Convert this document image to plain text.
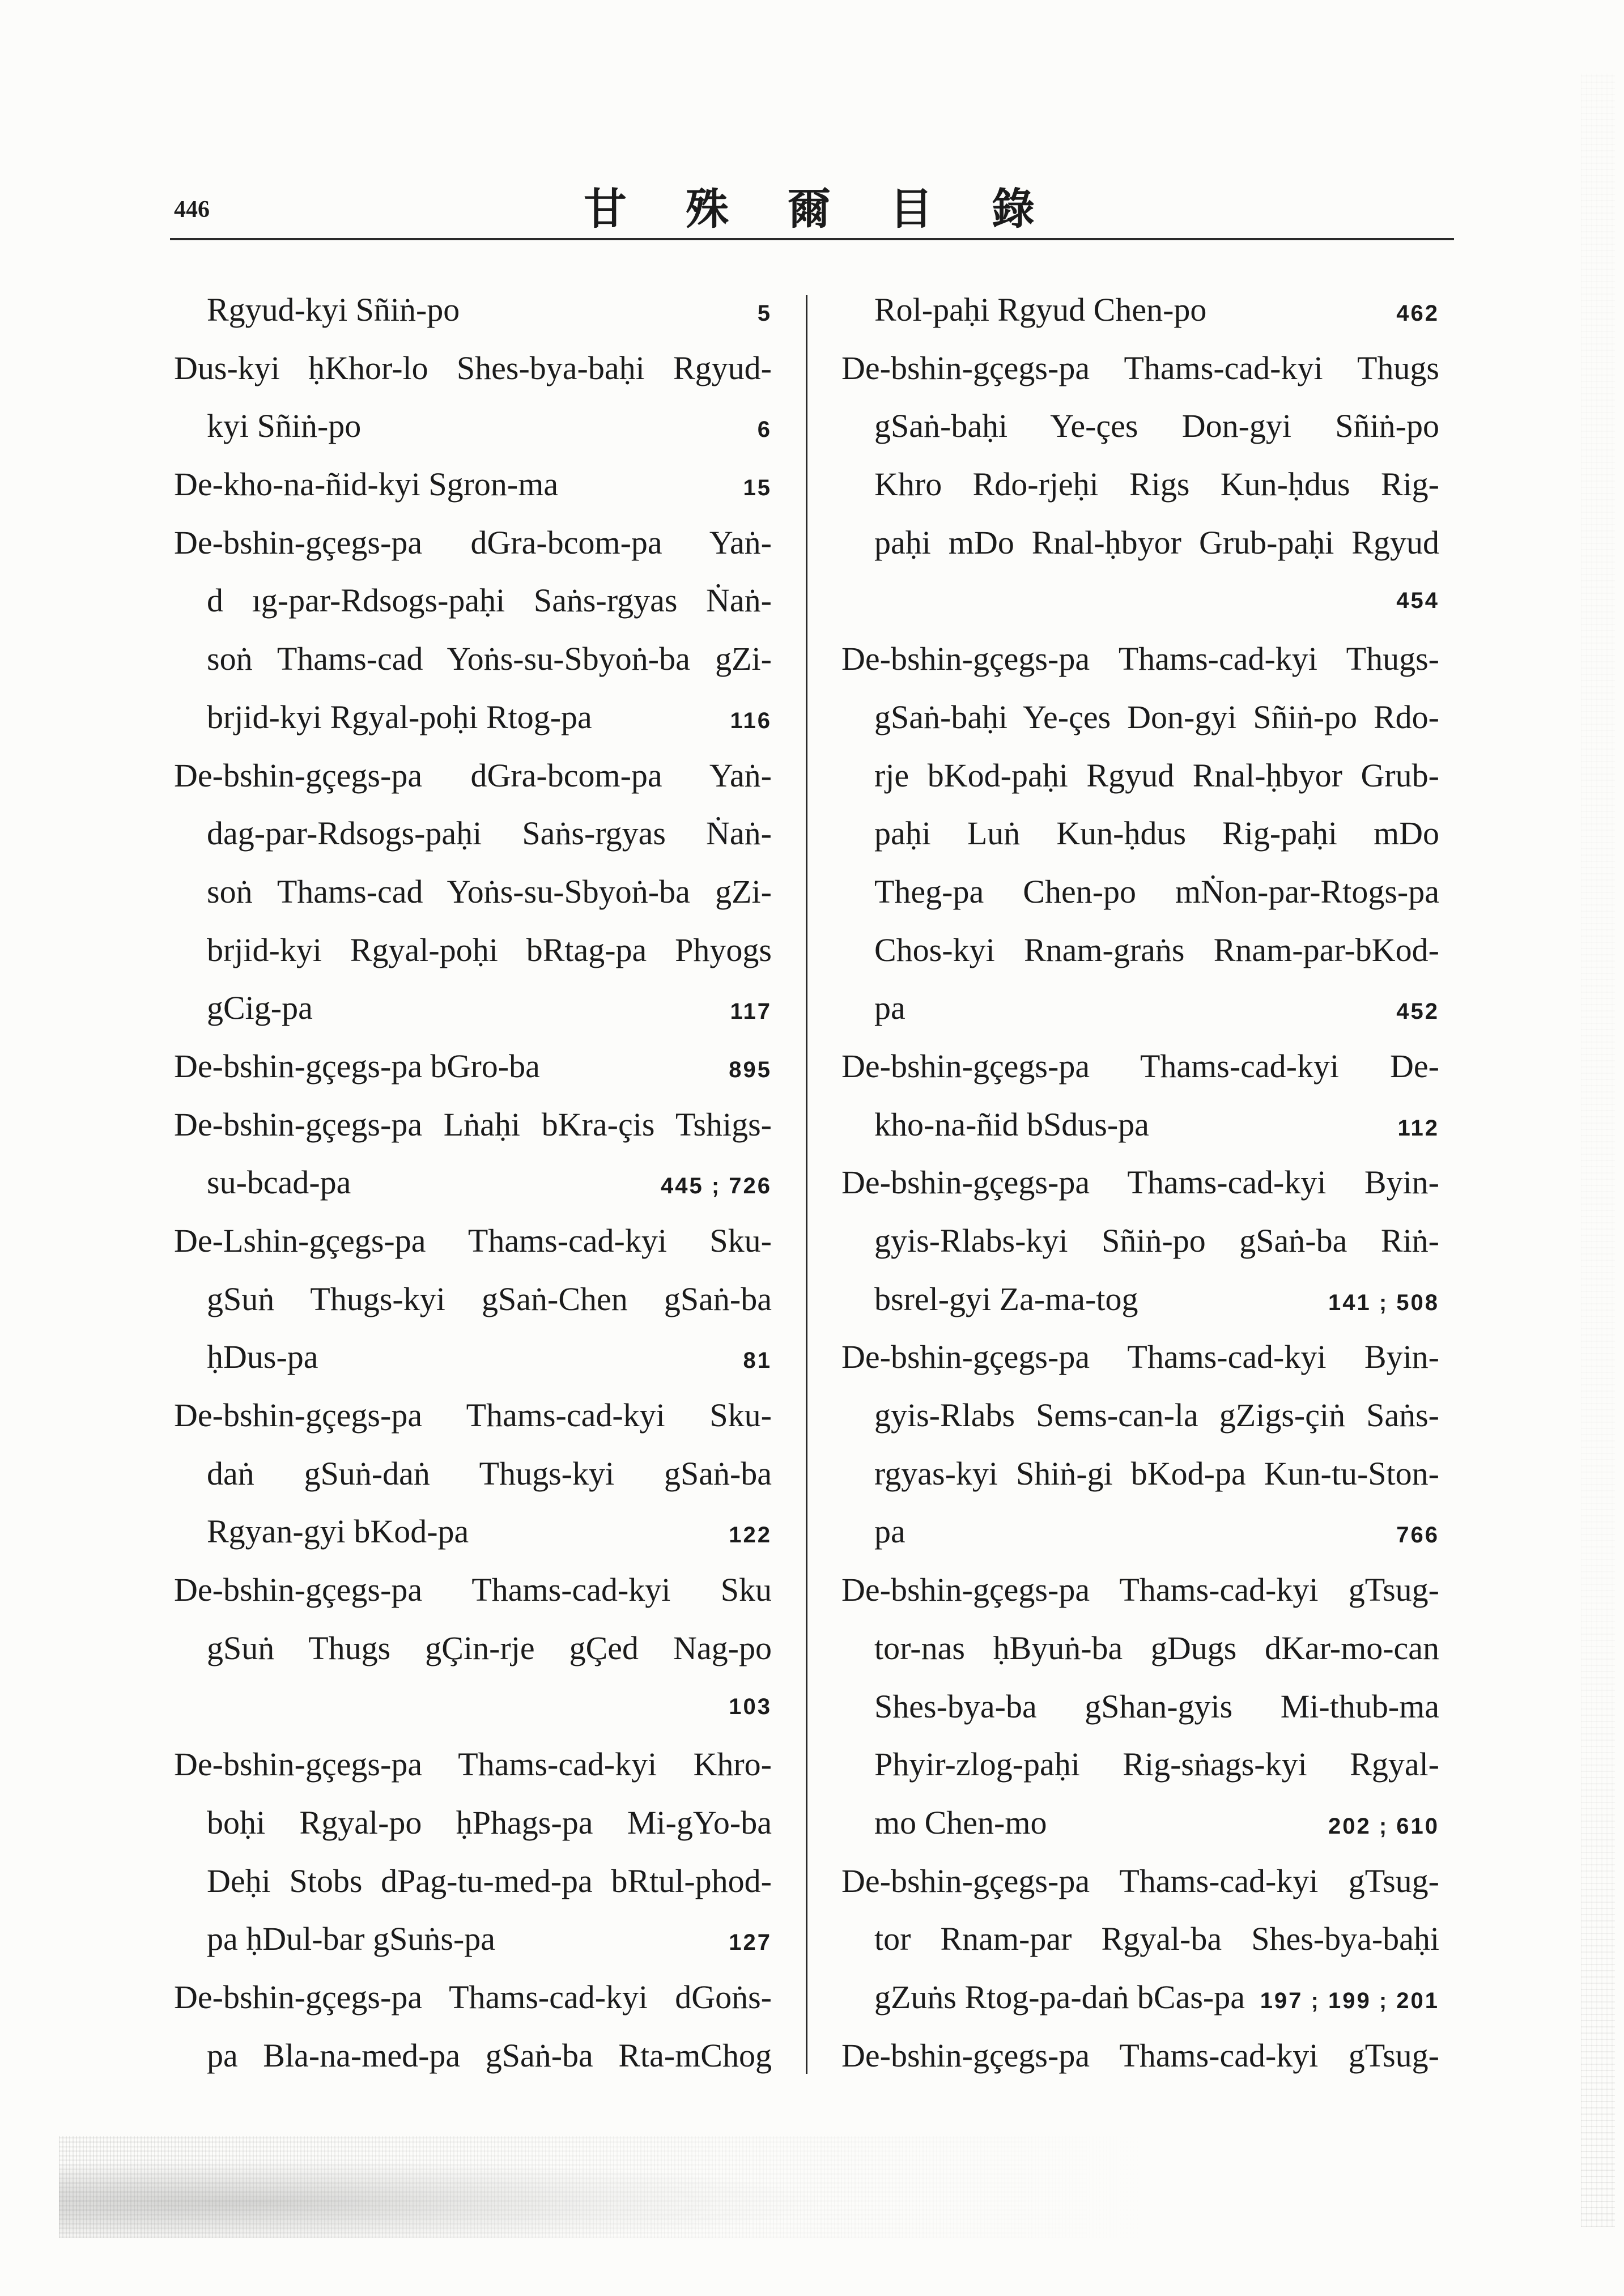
446	甘殊爾目錄
Rgyud-kyi Sñiṅ-po	5
Dus-kyi ḥKhor-lo Shes-bya-baḥi Rgyud-
kyi Sñiṅ-po	6
De-kho-na-ñid-kyi Sgron-ma	15
De-bshin-gçegs-pa dGra-bcom-pa Yaṅ-
d ıg-par-Rdsogs-paḥi Saṅs-rgyas Ṅaṅ-
soṅ Thams-cad Yoṅs-su-Sbyoṅ-ba gZi-
brjid-kyi Rgyal-poḥi Rtog-pa	116
De-bshin-gçegs-pa dGra-bcom-pa Yaṅ-
dag-par-Rdsogs-paḥi Saṅs-rgyas Ṅaṅ-
soṅ Thams-cad Yoṅs-su-Sbyoṅ-ba gZi-
brjid-kyi Rgyal-poḥi bRtag-pa Phyogs
gCig-pa	117
De-bshin-gçegs-pa bGro-ba	895
De-bshin-gçegs-pa Lṅaḥi bKra-çis Tshigs-
su-bcad-pa	445 ; 726
De-Lshin-gçegs-pa Thams-cad-kyi Sku-
gSuṅ Thugs-kyi gSaṅ-Chen gSaṅ-ba
ḥDus-pa	81
De-bshin-gçegs-pa Thams-cad-kyi Sku-
daṅ gSuṅ-daṅ Thugs-kyi gSaṅ-ba
Rgyan-gyi bKod-pa	122
De-bshin-gçegs-pa Thams-cad-kyi Sku
gSuṅ Thugs gÇin-rje gÇed Nag-po
103
De-bshin-gçegs-pa Thams-cad-kyi Khro-
boḥi Rgyal-po ḥPhags-pa Mi-gYo-ba
Deḥi Stobs dPag-tu-med-pa bRtul-phod-
pa ḥDul-bar gSuṅs-pa	127
De-bshin-gçegs-pa Thams-cad-kyi dGoṅs-
pa Bla-na-med-pa gSaṅ-ba Rta-mChog
Rol-paḥi Rgyud Chen-po	462
De-bshin-gçegs-pa Thams-cad-kyi Thugs
gSaṅ-baḥi Ye-çes Don-gyi Sñiṅ-po
Khro Rdo-rjeḥi Rigs Kun-ḥdus Rig-
paḥi mDo Rnal-ḥbyor Grub-paḥi Rgyud
454
De-bshin-gçegs-pa Thams-cad-kyi Thugs-
gSaṅ-baḥi Ye-çes Don-gyi Sñiṅ-po Rdo-
rje bKod-paḥi Rgyud Rnal-ḥbyor Grub-
paḥi Luṅ Kun-ḥdus Rig-paḥi mDo
Theg-pa Chen-po mṄon-par-Rtogs-pa
Chos-kyi Rnam-graṅs Rnam-par-bKod-
pa	452
De-bshin-gçegs-pa Thams-cad-kyi De-
kho-na-ñid bSdus-pa	112
De-bshin-gçegs-pa Thams-cad-kyi Byin-
gyis-Rlabs-kyi Sñiṅ-po gSaṅ-ba Riṅ-
bsrel-gyi Za-ma-tog	141 ; 508
De-bshin-gçegs-pa Thams-cad-kyi Byin-
gyis-Rlabs Sems-can-la gZigs-çiṅ Saṅs-
rgyas-kyi Shiṅ-gi bKod-pa Kun-tu-Ston-
pa	766
De-bshin-gçegs-pa Thams-cad-kyi gTsug-
tor-nas ḥByuṅ-ba gDugs dKar-mo-can
Shes-bya-ba gShan-gyis Mi-thub-ma
Phyir-zlog-paḥi Rig-sṅags-kyi Rgyal-
mo Chen-mo	202 ; 610
De-bshin-gçegs-pa Thams-cad-kyi gTsug-
tor Rnam-par Rgyal-ba Shes-bya-baḥi
gZuṅs Rtog-pa-daṅ bCas-pa 197 ; 199 ; 201
De-bshin-gçegs-pa Thams-cad-kyi gTsug-
